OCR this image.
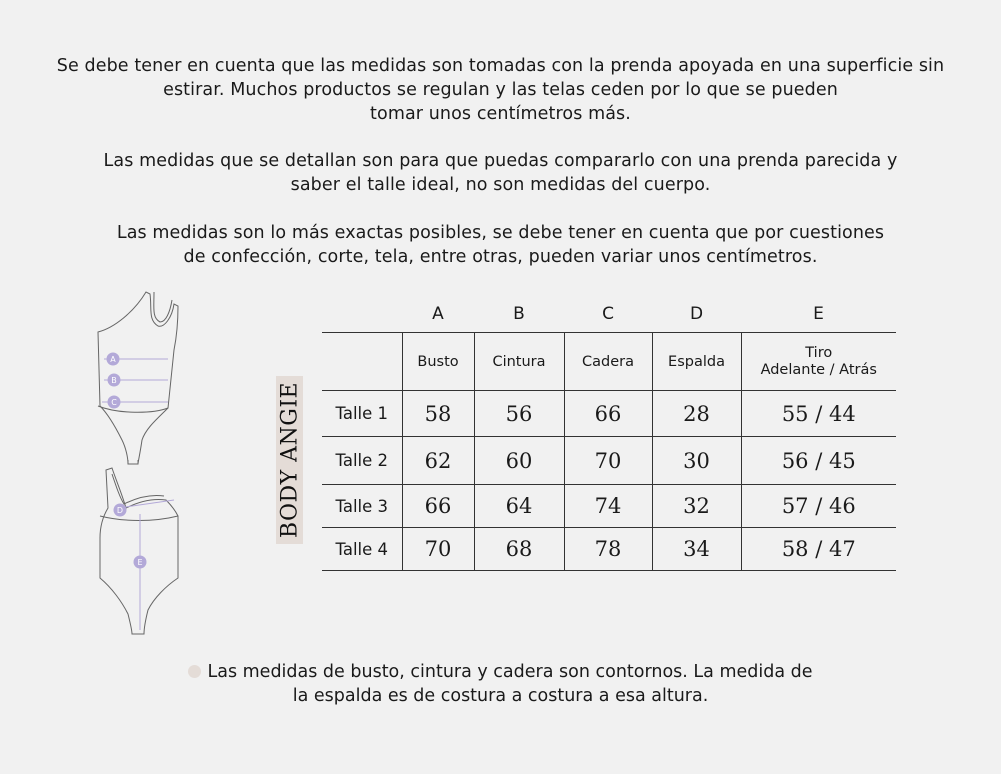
Se debe tener en cuenta que las medidas son tomadas con la prenda apoyada en una superficie sin
estirar. Muchos productos se regulan y las telas ceden por lo que se pueden
tomar unos centímetros más.
Las medidas que se detallan son para que puedas compararlo con una prenda parecida y
saber el talle ideal, no son medidas del cuerpo.
Las medidas son lo más exactas posibles, se debe tener en cuenta que por cuestiones
de confección, corte, tela, entre otras, pueden variar unos centímetros.
A
B
C
D
E
BODY ANGIE
	A	B	C	D	E
	Busto	Cintura	Cadera	Espalda	Tiro
Adelante / Atrás

Talle 1	58	56	66	28	55 / 44
Talle 2	62	60	70	30	56 / 45
Talle 3	66	64	74	32	57 / 46
Talle 4	70	68	78	34	58 / 47
Las medidas de busto, cintura y cadera son contornos. La medida de
la espalda es de costura a costura a esa altura.
